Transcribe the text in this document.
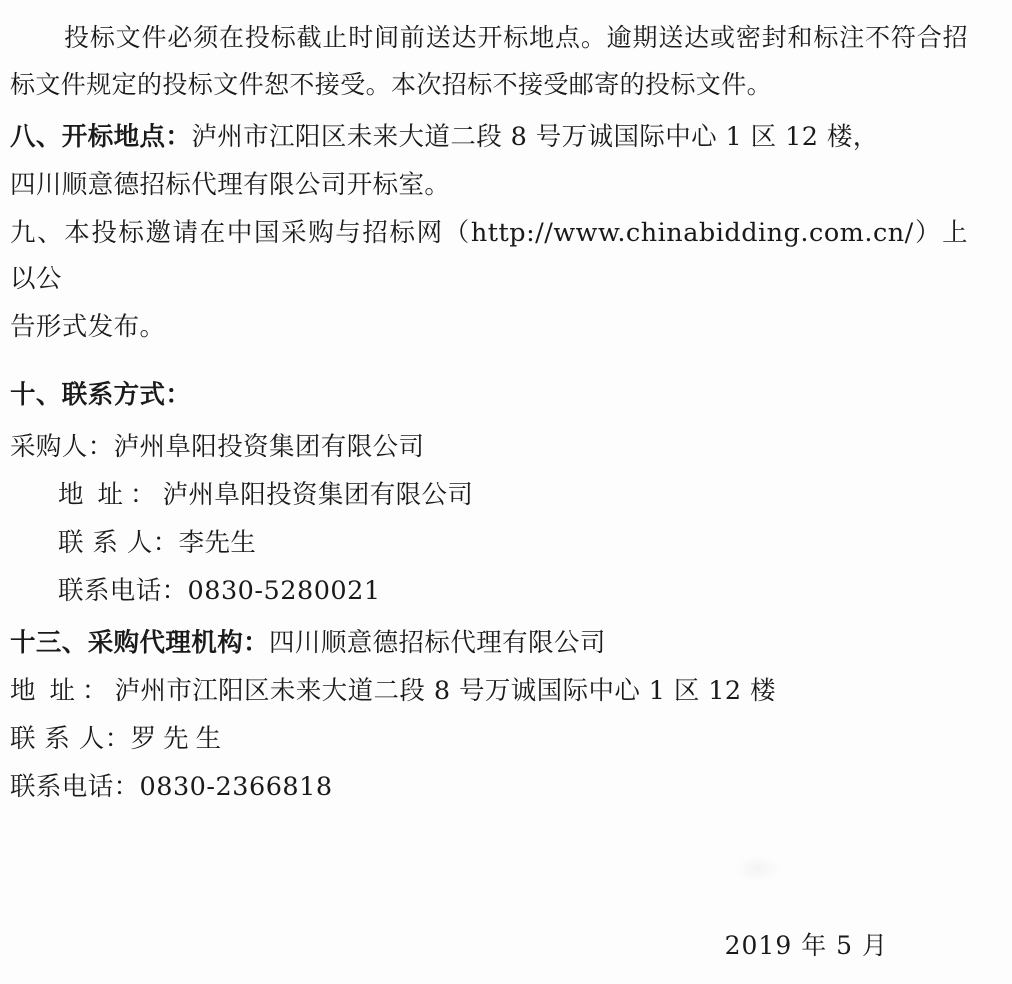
投标文件必须在投标截止时间前送达开标地点。逾期送达或密封和标注不符合招标文件规定的投标文件恕不接受。本次招标不接受邮寄的投标文件。

八、开标地点：泸州市江阳区未来大道二段 8 号万诚国际中心 1 区 12 楼，

四川顺意德招标代理有限公司开标室。

九、本投标邀请在中国采购与招标网（http://www.chinabidding.com.cn/）上以公

告形式发布。

十、联系方式：

采购人：泸州阜阳投资集团有限公司

地址：泸州阜阳投资集团有限公司

联 系 人：李先生

联系电话：0830-5280021

十三、采购代理机构：四川顺意德招标代理有限公司

地址：泸州市江阳区未来大道二段 8 号万诚国际中心 1 区 12 楼

联 系 人：罗先生

联系电话：0830-2366818

2019 年 5 月
